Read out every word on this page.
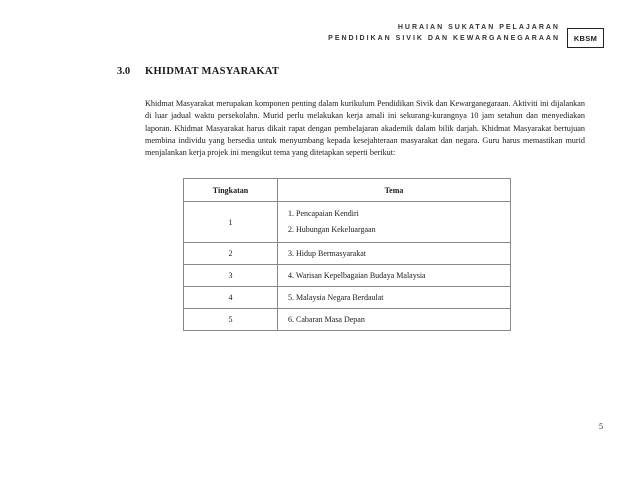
HURAIAN SUKATAN PELAJARAN
PENDIDIKAN SIVIK DAN KEWARGANEGARAAN	KBSM
3.0 KHIDMAT MASYARAKAT
Khidmat Masyarakat merupakan komponen penting dalam kurikulum Pendidikan Sivik dan Kewarganegaraan. Aktiviti ini dijalankan di luar jadual waktu persekolahn. Murid perlu melakukan kerja amali ini sekurang-kurangnya 10 jam setahun dan menyediakan laporan. Khidmat Masyarakat harus dikait rapat dengan pembelajaran akademik dalam bilik darjah. Khidmat Masyarakat bertujuan membina individu yang bersedia untuk menyumbang kepada kesejahteraan masyarakat dan negara. Guru harus memastikan murid menjalankan kerja projek ini mengikut tema yang ditetapkan seperti berikut:
Tingkatan	Tema
1	1. Pencapaian Kendiri
2. Hubungan Kekeluargaan

2	3. Hidup Bermasyarakat
3	4. Warisan Kepelbagaian Budaya Malaysia
4	5. Malaysia Negara Berdaulat
5	6. Cabaran Masa Depan
5
